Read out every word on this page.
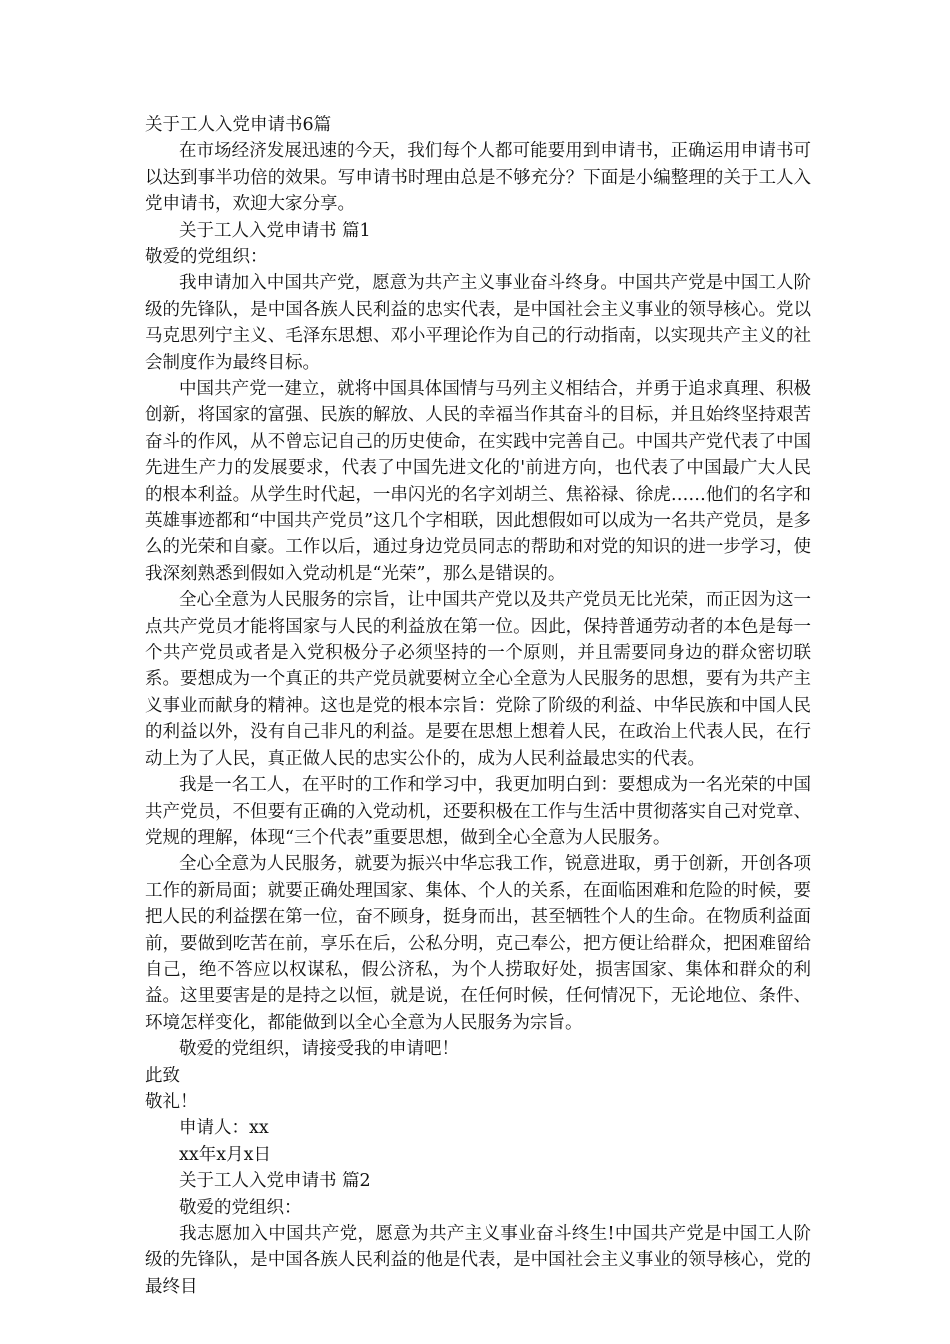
关于工人入党申请书6篇

在市场经济发展迅速的今天，我们每个人都可能要用到申请书，正确运用申请书可以达到事半功倍的效果。写申请书时理由总是不够充分？下面是小编整理的关于工人入党申请书，欢迎大家分享。

关于工人入党申请书 篇1
敬爱的党组织：

我申请加入中国共产党，愿意为共产主义事业奋斗终身。中国共产党是中国工人阶级的先锋队，是中国各族人民利益的忠实代表，是中国社会主义事业的领导核心。党以马克思列宁主义、毛泽东思想、邓小平理论作为自己的行动指南，以实现共产主义的社会制度作为最终目标。

中国共产党一建立，就将中国具体国情与马列主义相结合，并勇于追求真理、积极创新，将国家的富强、民族的解放、人民的幸福当作其奋斗的目标，并且始终坚持艰苦奋斗的作风，从不曾忘记自己的历史使命，在实践中完善自己。中国共产党代表了中国先进生产力的发展要求，代表了中国先进文化的'前进方向，也代表了中国最广大人民的根本利益。从学生时代起，一串闪光的名字刘胡兰、焦裕禄、徐虎……他们的名字和英雄事迹都和“中国共产党员”这几个字相联，因此想假如可以成为一名共产党员，是多么的光荣和自豪。工作以后，通过身边党员同志的帮助和对党的知识的进一步学习，使我深刻熟悉到假如入党动机是“光荣”，那么是错误的。

全心全意为人民服务的宗旨，让中国共产党以及共产党员无比光荣，而正因为这一点共产党员才能将国家与人民的利益放在第一位。因此，保持普通劳动者的本色是每一个共产党员或者是入党积极分子必须坚持的一个原则，并且需要同身边的群众密切联系。要想成为一个真正的共产党员就要树立全心全意为人民服务的思想，要有为共产主义事业而献身的精神。这也是党的根本宗旨：党除了阶级的利益、中华民族和中国人民的利益以外，没有自己非凡的利益。是要在思想上想着人民，在政治上代表人民，在行动上为了人民，真正做人民的忠实公仆的，成为人民利益最忠实的代表。

我是一名工人，在平时的工作和学习中，我更加明白到：要想成为一名光荣的中国共产党员，不但要有正确的入党动机，还要积极在工作与生活中贯彻落实自己对党章、党规的理解，体现“三个代表”重要思想，做到全心全意为人民服务。

全心全意为人民服务，就要为振兴中华忘我工作，锐意进取，勇于创新，开创各项工作的新局面；就要正确处理国家、集体、个人的关系，在面临困难和危险的时候，要把人民的利益摆在第一位，奋不顾身，挺身而出，甚至牺牲个人的生命。在物质利益面前，要做到吃苦在前，享乐在后，公私分明，克己奉公，把方便让给群众，把困难留给自己，绝不答应以权谋私，假公济私，为个人捞取好处，损害国家、集体和群众的利益。这里要害是的是持之以恒，就是说，在任何时候，任何情况下，无论地位、条件、环境怎样变化，都能做到以全心全意为人民服务为宗旨。

敬爱的党组织，请接受我的申请吧！
此致
敬礼！
申请人：xx
xx年x月x日
关于工人入党申请书 篇2
敬爱的党组织：

我志愿加入中国共产党，愿意为共产主义事业奋斗终生!中国共产党是中国工人阶级的先锋队，是中国各族人民利益的他是代表，是中国社会主义事业的领导核心，党的最终目
